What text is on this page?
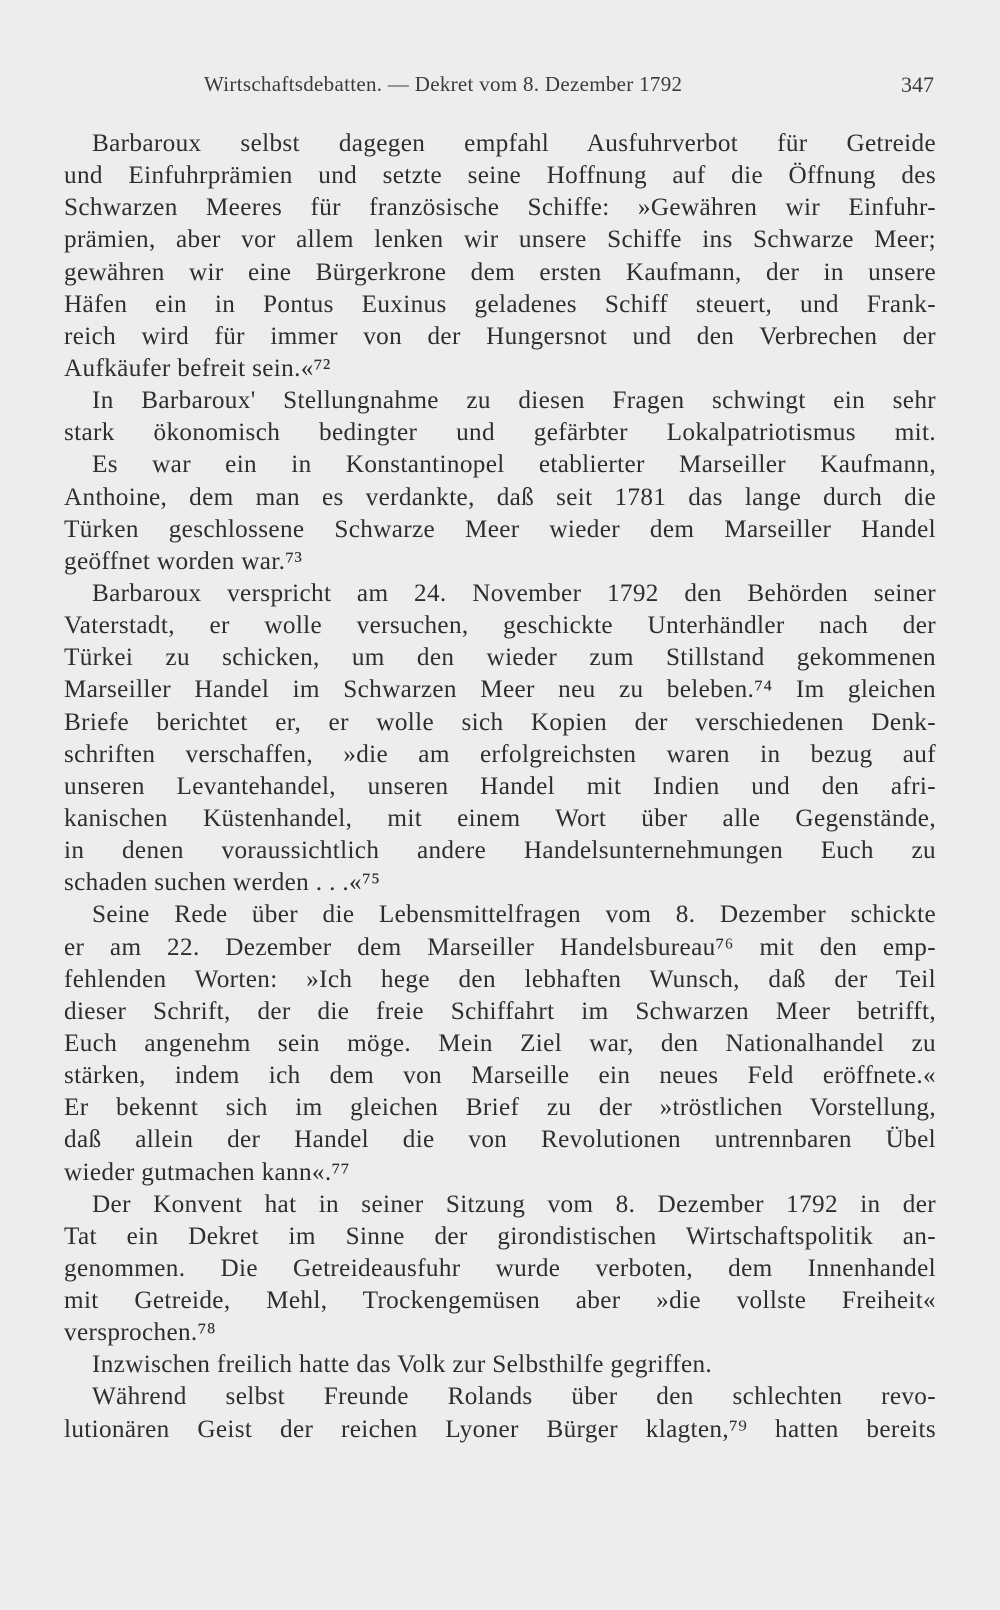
Wirtschaftsdebatten. — Dekret vom 8. Dezember 1792	347
Barbaroux selbst dagegen empfahl Ausfuhrverbot für Getreide
und Einfuhrprämien und setzte seine Hoffnung auf die Öffnung des
Schwarzen Meeres für französische Schiffe: »Gewähren wir Einfuhr-
prämien, aber vor allem lenken wir unsere Schiffe ins Schwarze Meer;
gewähren wir eine Bürgerkrone dem ersten Kaufmann, der in unsere
Häfen ein in Pontus Euxinus geladenes Schiff steuert, und Frank-
reich wird für immer von der Hungersnot und den Verbrechen der
Aufkäufer befreit sein.«⁷²
In Barbaroux' Stellungnahme zu diesen Fragen schwingt ein sehr
stark ökonomisch bedingter und gefärbter Lokalpatriotismus mit.
Es war ein in Konstantinopel etablierter Marseiller Kaufmann,
Anthoine, dem man es verdankte, daß seit 1781 das lange durch die
Türken geschlossene Schwarze Meer wieder dem Marseiller Handel
geöffnet worden war.⁷³
Barbaroux verspricht am 24. November 1792 den Behörden seiner
Vaterstadt, er wolle versuchen, geschickte Unterhändler nach der
Türkei zu schicken, um den wieder zum Stillstand gekommenen
Marseiller Handel im Schwarzen Meer neu zu beleben.⁷⁴ Im gleichen
Briefe berichtet er, er wolle sich Kopien der verschiedenen Denk-
schriften verschaffen, »die am erfolgreichsten waren in bezug auf
unseren Levantehandel, unseren Handel mit Indien und den afri-
kanischen Küstenhandel, mit einem Wort über alle Gegenstände,
in denen voraussichtlich andere Handelsunternehmungen Euch zu
schaden suchen werden . . .«⁷⁵
Seine Rede über die Lebensmittelfragen vom 8. Dezember schickte
er am 22. Dezember dem Marseiller Handelsbureau⁷⁶ mit den emp-
fehlenden Worten: »Ich hege den lebhaften Wunsch, daß der Teil
dieser Schrift, der die freie Schiffahrt im Schwarzen Meer betrifft,
Euch angenehm sein möge. Mein Ziel war, den Nationalhandel zu
stärken, indem ich dem von Marseille ein neues Feld eröffnete.«
Er bekennt sich im gleichen Brief zu der »tröstlichen Vorstellung,
daß allein der Handel die von Revolutionen untrennbaren Übel
wieder gutmachen kann«.⁷⁷
Der Konvent hat in seiner Sitzung vom 8. Dezember 1792 in der
Tat ein Dekret im Sinne der girondistischen Wirtschaftspolitik an-
genommen. Die Getreideausfuhr wurde verboten, dem Innenhandel
mit Getreide, Mehl, Trockengemüsen aber »die vollste Freiheit«
versprochen.⁷⁸
Inzwischen freilich hatte das Volk zur Selbsthilfe gegriffen.
Während selbst Freunde Rolands über den schlechten revo-
lutionären Geist der reichen Lyoner Bürger klagten,⁷⁹ hatten bereits
